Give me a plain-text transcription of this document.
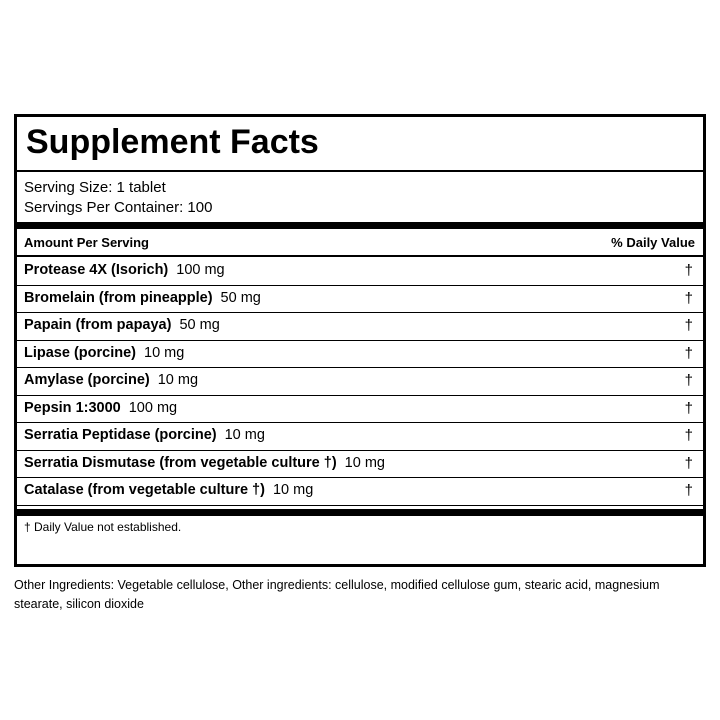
Supplement Facts
Serving Size: 1 tablet
Servings Per Container: 100
Amount Per Serving	% Daily Value
Protease 4X (Isorich) 100 mg	†
Bromelain (from pineapple) 50 mg	†
Papain (from papaya) 50 mg	†
Lipase (porcine) 10 mg	†
Amylase (porcine) 10 mg	†
Pepsin 1:3000 100 mg	†
Serratia Peptidase (porcine) 10 mg	†
Serratia Dismutase (from vegetable culture †) 10 mg	†
Catalase (from vegetable culture †) 10 mg	†
† Daily Value not established.
Other Ingredients: Vegetable cellulose, Other ingredients: cellulose, modified cellulose gum, stearic acid, magnesium stearate, silicon dioxide
